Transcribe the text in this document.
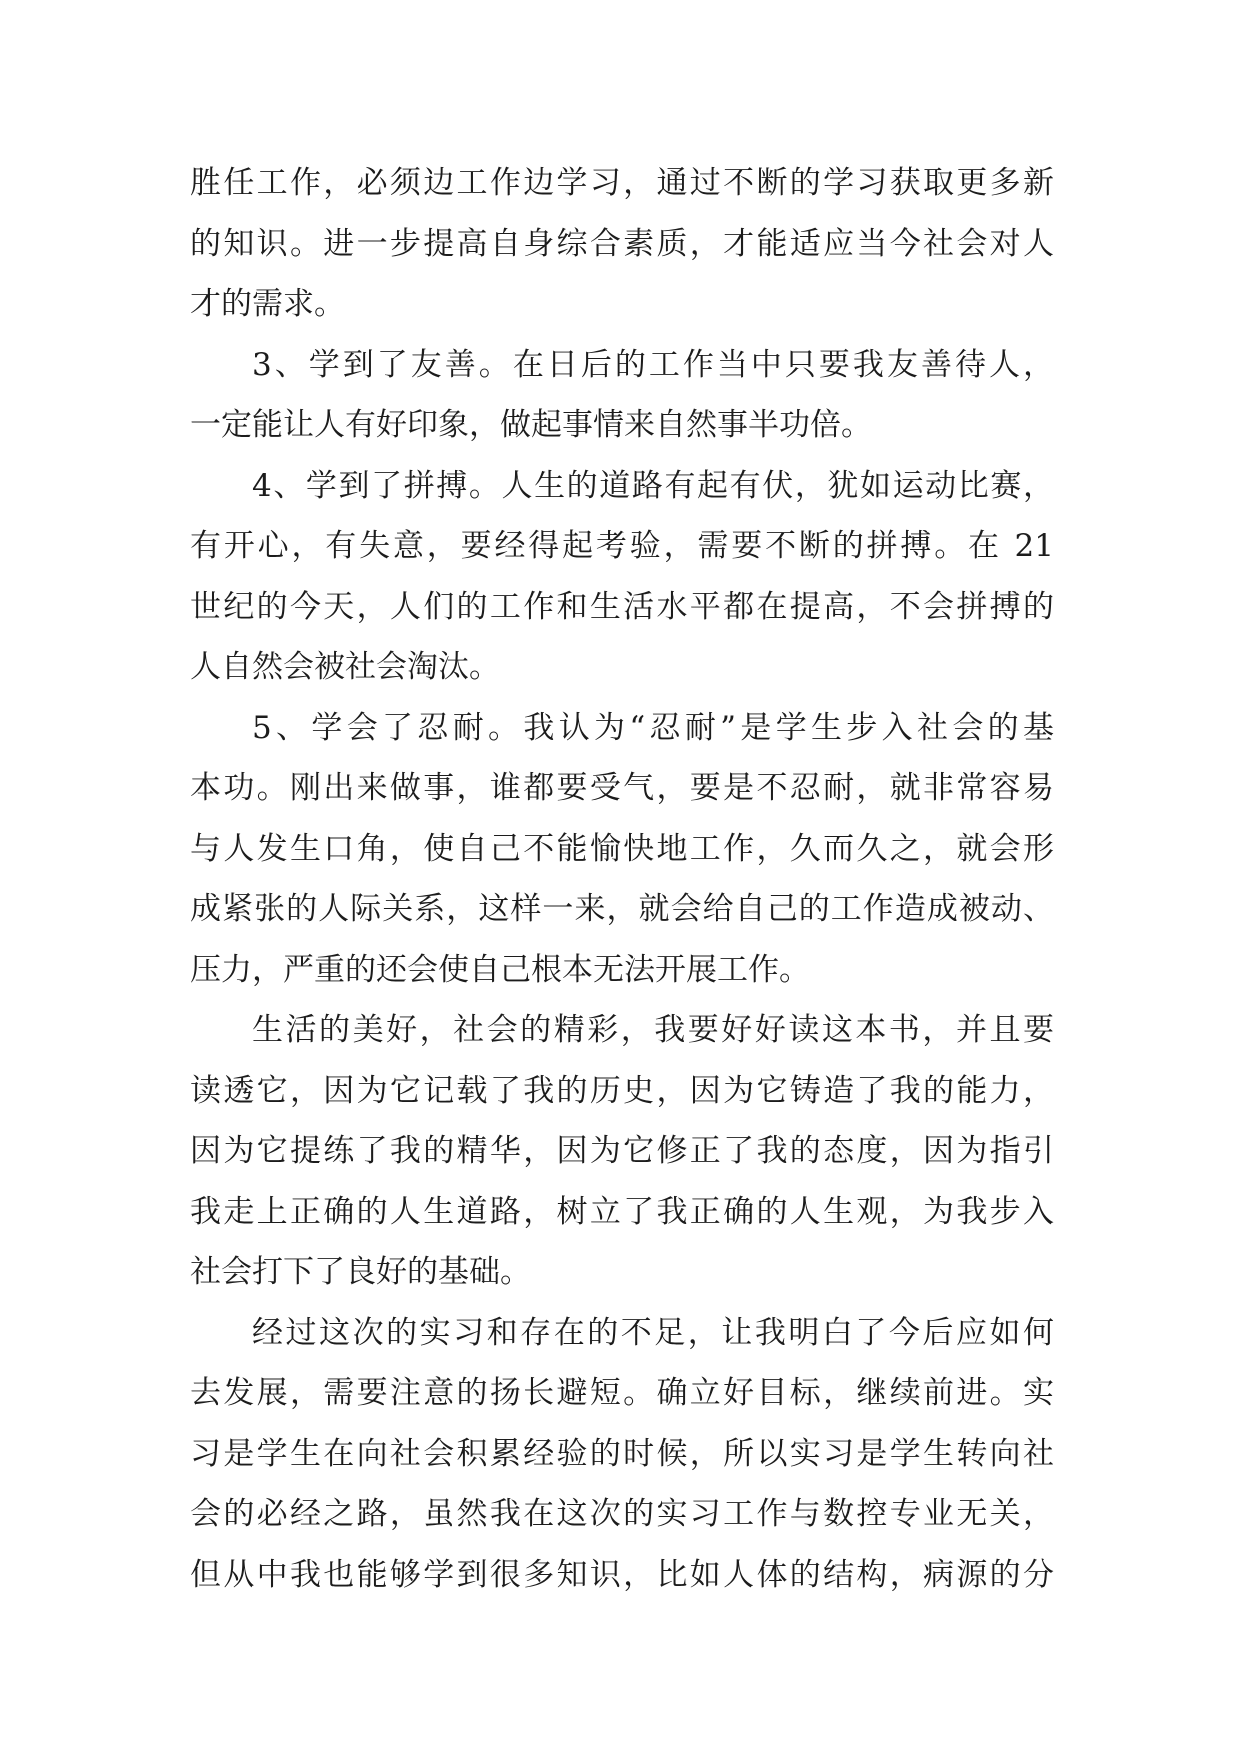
胜任工作，必须边工作边学习，通过不断的学习获取更多新
的知识。进一步提高自身综合素质，才能适应当今社会对人
才的需求。
3、学到了友善。在日后的工作当中只要我友善待人，
一定能让人有好印象，做起事情来自然事半功倍。
4、学到了拼搏。人生的道路有起有伏，犹如运动比赛，
有开心，有失意，要经得起考验，需要不断的拼搏。在 21
世纪的今天，人们的工作和生活水平都在提高，不会拼搏的
人自然会被社会淘汰。
5、学会了忍耐。我认为“忍耐”是学生步入社会的基
本功。刚出来做事，谁都要受气，要是不忍耐，就非常容易
与人发生口角，使自己不能愉快地工作，久而久之，就会形
成紧张的人际关系，这样一来，就会给自己的工作造成被动、
压力，严重的还会使自己根本无法开展工作。
生活的美好，社会的精彩，我要好好读这本书，并且要
读透它，因为它记载了我的历史，因为它铸造了我的能力，
因为它提练了我的精华，因为它修正了我的态度，因为指引
我走上正确的人生道路，树立了我正确的人生观，为我步入
社会打下了良好的基础。
经过这次的实习和存在的不足，让我明白了今后应如何
去发展，需要注意的扬长避短。确立好目标，继续前进。实
习是学生在向社会积累经验的时候，所以实习是学生转向社
会的必经之路，虽然我在这次的实习工作与数控专业无关，
但从中我也能够学到很多知识，比如人体的结构，病源的分
